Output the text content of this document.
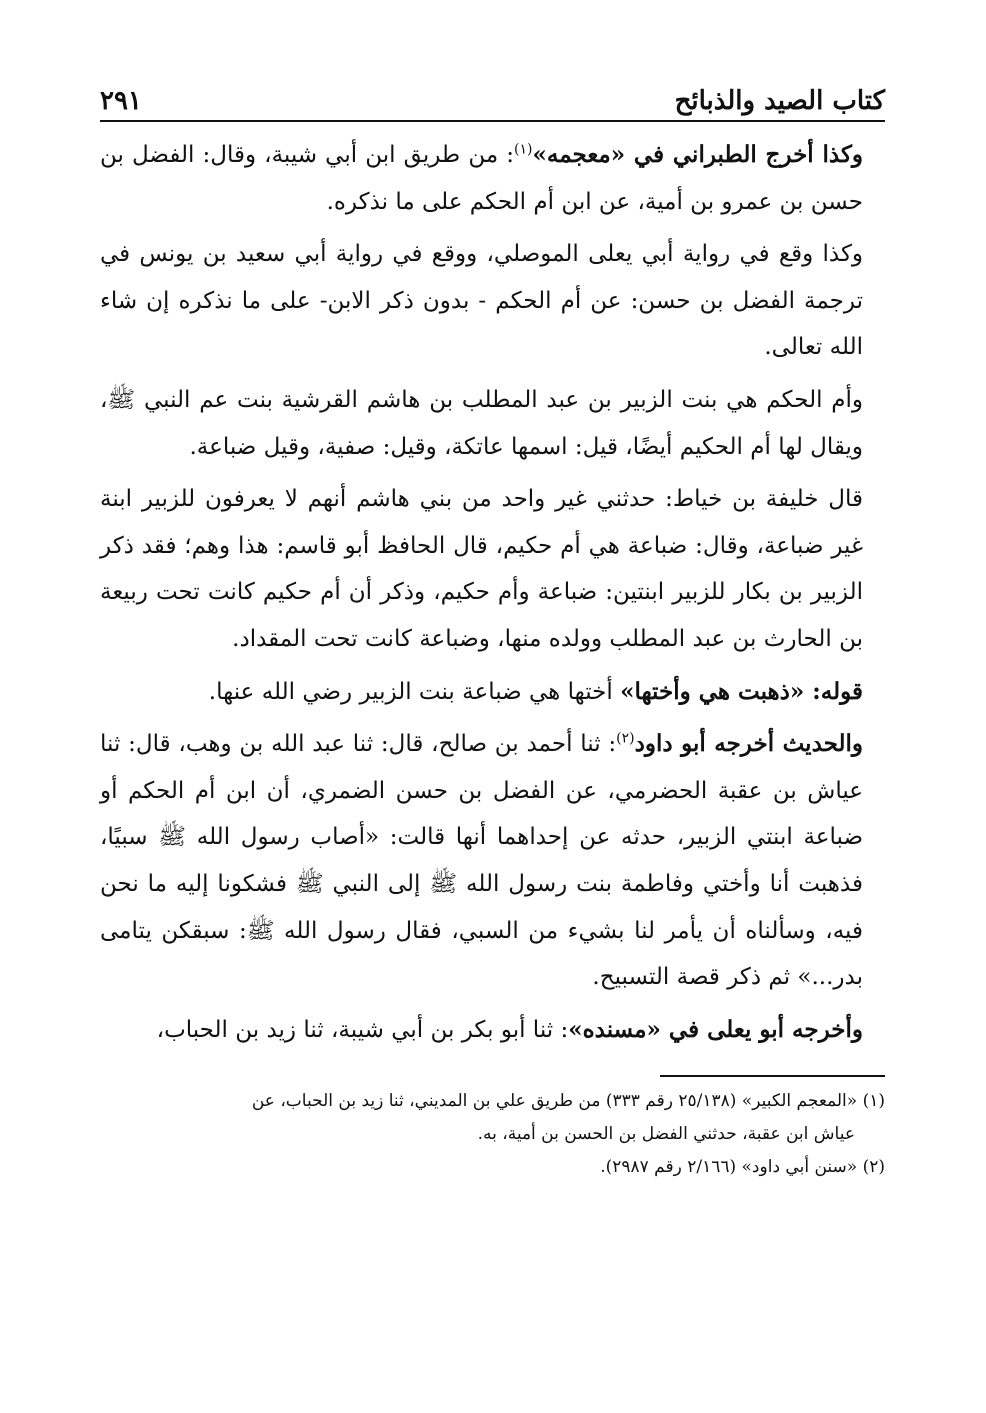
كتاب الصيد والذبائح
٢٩١

وكذا أخرج الطبراني في «معجمه»$^{(١)}$: من طريق ابن أبي شيبة، وقال: الفضل بن حسن بن عمرو بن أمية، عن ابن أم الحكم على ما نذكره.

وكذا وقع في رواية أبي يعلى الموصلي، ووقع في رواية أبي سعيد بن يونس في ترجمة الفضل بن حسن: عن أم الحكم - بدون ذكر الابن- على ما نذكره إن شاء الله تعالى.

وأم الحكم هي بنت الزبير بن عبد المطلب بن هاشم القرشية بنت عم النبي ﷺ، ويقال لها أم الحكيم أيضًا، قيل: اسمها عاتكة، وقيل: صفية، وقيل ضباعة.

قال خليفة بن خياط: حدثني غير واحد من بني هاشم أنهم لا يعرفون للزبير ابنة غير ضباعة، وقال: ضباعة هي أم حكيم، قال الحافظ أبو قاسم: هذا وهم؛ فقد ذكر الزبير بن بكار للزبير ابنتين: ضباعة وأم حكيم، وذكر أن أم حكيم كانت تحت ربيعة بن الحارث بن عبد المطلب وولده منها، وضباعة كانت تحت المقداد.

قوله: «ذهبت هي وأختها» أختها هي ضباعة بنت الزبير رضي الله عنها.

والحديث أخرجه أبو داود$^{(٢)}$: ثنا أحمد بن صالح، قال: ثنا عبد الله بن وهب، قال: ثنا عياش بن عقبة الحضرمي، عن الفضل بن حسن الضمري، أن ابن أم الحكم أو ضباعة ابنتي الزبير، حدثه عن إحداهما أنها قالت: «أصاب رسول الله ﷺ سبيًا، فذهبت أنا وأختي وفاطمة بنت رسول الله ﷺ إلى النبي ﷺ فشكونا إليه ما نحن فيه، وسألناه أن يأمر لنا بشيء من السبي، فقال رسول الله ﷺ: سبقكن يتامى بدر...» ثم ذكر قصة التسبيح.

وأخرجه أبو يعلى في «مسنده»: ثنا أبو بكر بن أبي شيبة، ثنا زيد بن الحباب،

(١) «المعجم الكبير» (٢٥/١٣٨ رقم ٣٣٣) من طريق علي بن المديني، ثنا زيد بن الحباب، عن
عياش ابن عقبة، حدثني الفضل بن الحسن بن أمية، به.

(٢) «سنن أبي داود» (٢/١٦٦ رقم ٢٩٨٧).
